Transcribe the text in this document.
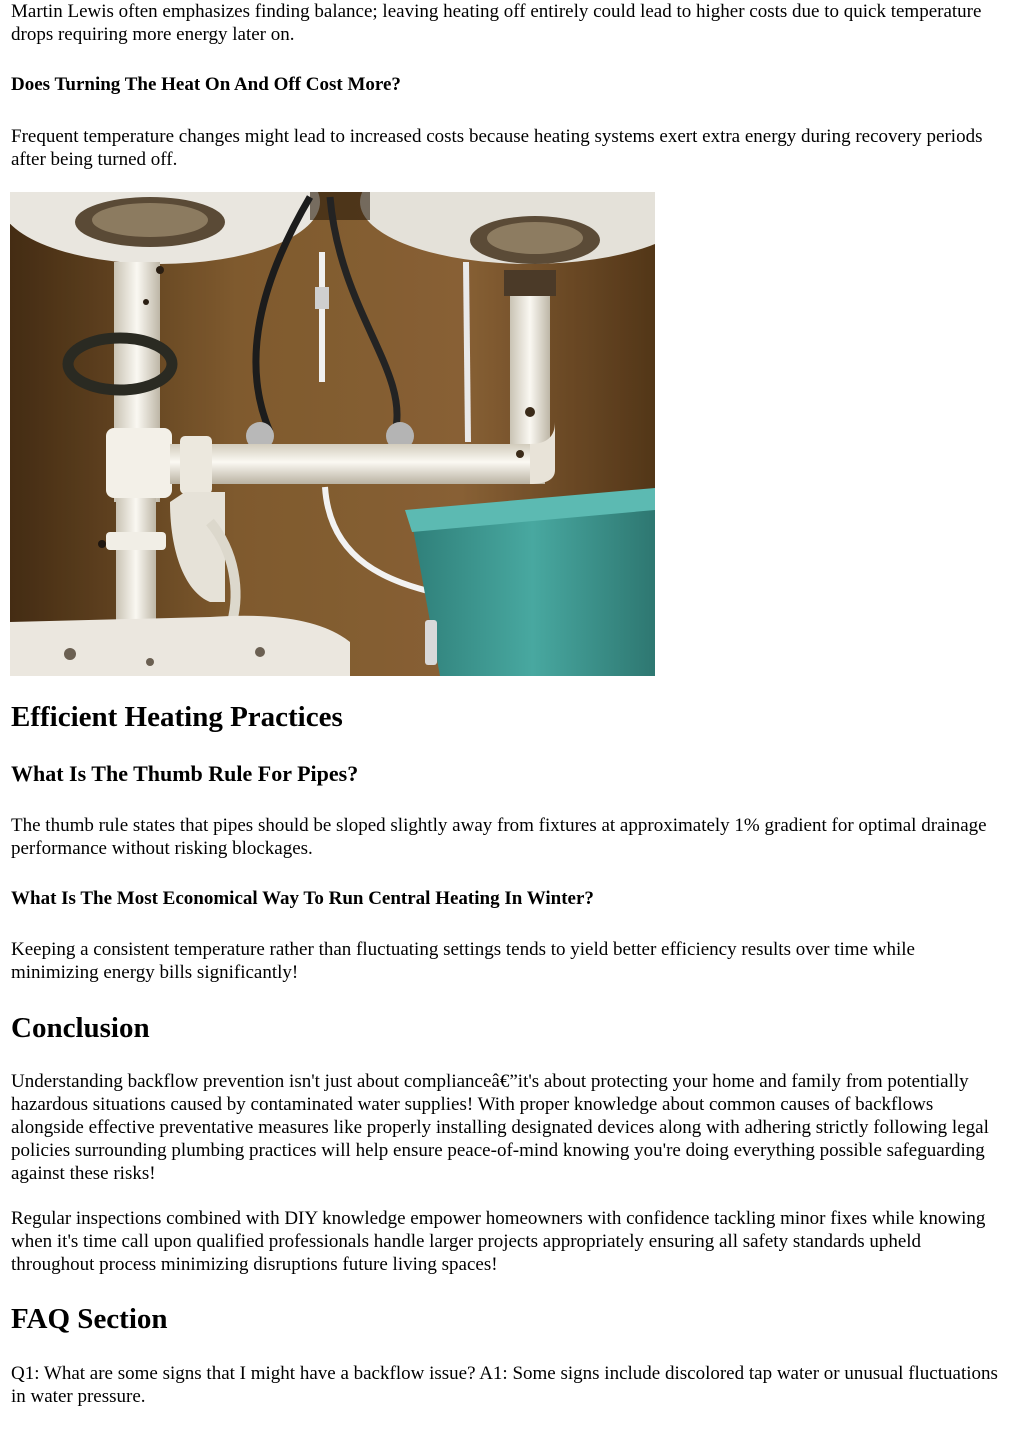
Martin Lewis often emphasizes finding balance; leaving heating off entirely could lead to higher costs due to quick temperature drops requiring more energy later on.

Does Turning The Heat On And Off Cost More?

Frequent temperature changes might lead to increased costs because heating systems exert extra energy during recovery periods after being turned off.

Efficient Heating Practices
What Is The Thumb Rule For Pipes?

The thumb rule states that pipes should be sloped slightly away from fixtures at approximately 1% gradient for optimal drainage performance without risking blockages.

What Is The Most Economical Way To Run Central Heating In Winter?

Keeping a consistent temperature rather than fluctuating settings tends to yield better efficiency results over time while minimizing energy bills significantly!

Conclusion

Understanding backflow prevention isn't just about complianceâ€”it's about protecting your home and family from potentially hazardous situations caused by contaminated water supplies! With proper knowledge about common causes of backflows alongside effective preventative measures like properly installing designated devices along with adhering strictly following legal policies surrounding plumbing practices will help ensure peace-of-mind knowing you're doing everything possible safeguarding against these risks!

Regular inspections combined with DIY knowledge empower homeowners with confidence tackling minor fixes while knowing when it's time call upon qualified professionals handle larger projects appropriately ensuring all safety standards upheld throughout process minimizing disruptions future living spaces!

FAQ Section

Q1: What are some signs that I might have a backflow issue? A1: Some signs include discolored tap water or unusual fluctuations in water pressure.
